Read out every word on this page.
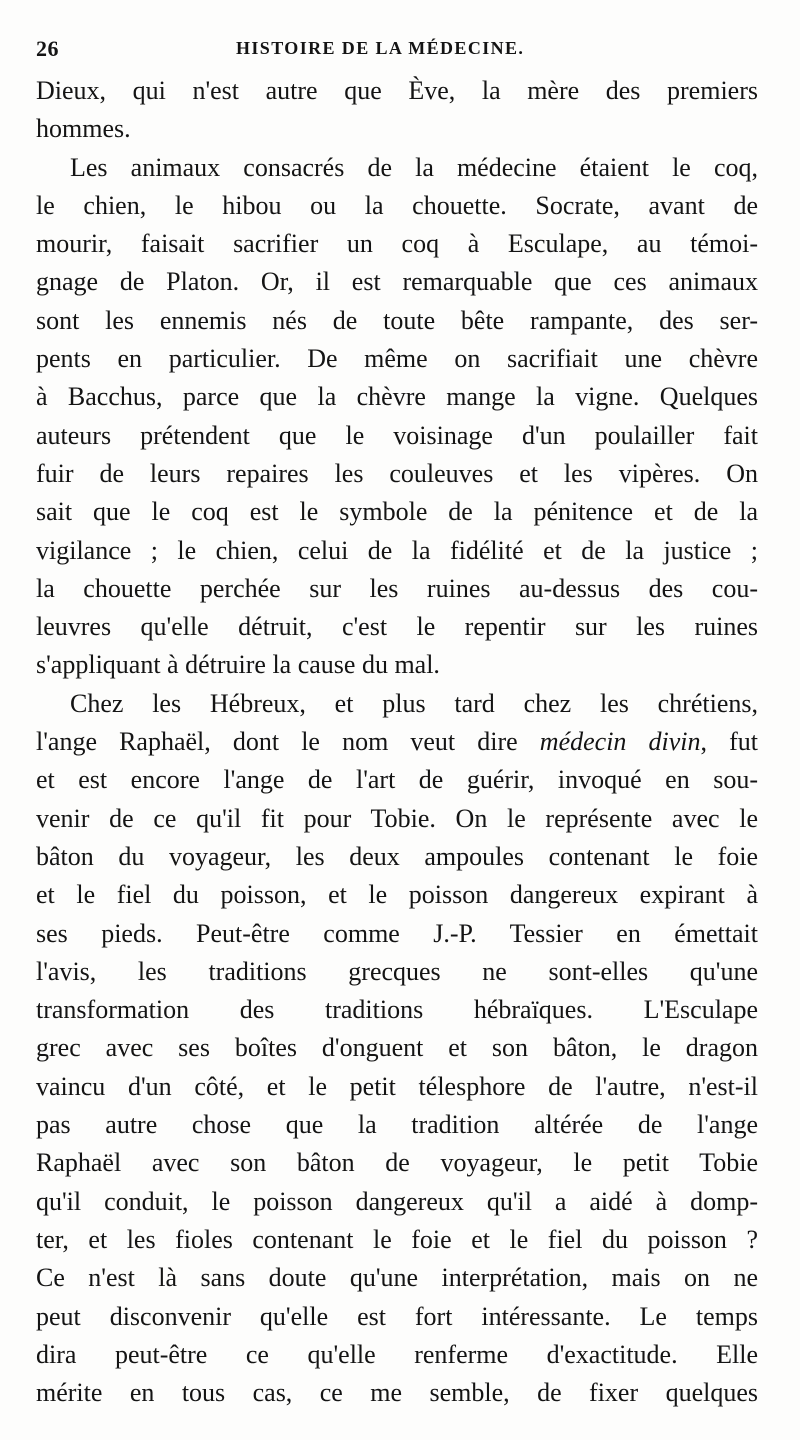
26	HISTOIRE DE LA MÉDECINE.
Dieux, qui n'est autre que Ève, la mère des premiers
hommes.
Les animaux consacrés de la médecine étaient le coq,
le chien, le hibou ou la chouette. Socrate, avant de
mourir, faisait sacrifier un coq à Esculape, au témoi-
gnage de Platon. Or, il est remarquable que ces animaux
sont les ennemis nés de toute bête rampante, des ser-
pents en particulier. De même on sacrifiait une chèvre
à Bacchus, parce que la chèvre mange la vigne. Quelques
auteurs prétendent que le voisinage d'un poulailler fait
fuir de leurs repaires les couleuves et les vipères. On
sait que le coq est le symbole de la pénitence et de la
vigilance ; le chien, celui de la fidélité et de la justice ;
la chouette perchée sur les ruines au-dessus des cou-
leuvres qu'elle détruit, c'est le repentir sur les ruines
s'appliquant à détruire la cause du mal.
Chez les Hébreux, et plus tard chez les chrétiens,
l'ange Raphaël, dont le nom veut dire médecin divin, fut
et est encore l'ange de l'art de guérir, invoqué en sou-
venir de ce qu'il fit pour Tobie. On le représente avec le
bâton du voyageur, les deux ampoules contenant le foie
et le fiel du poisson, et le poisson dangereux expirant à
ses pieds. Peut-être comme J.-P. Tessier en émettait
l'avis, les traditions grecques ne sont-elles qu'une
transformation des traditions hébraïques. L'Esculape
grec avec ses boîtes d'onguent et son bâton, le dragon
vaincu d'un côté, et le petit télesphore de l'autre, n'est-il
pas autre chose que la tradition altérée de l'ange
Raphaël avec son bâton de voyageur, le petit Tobie
qu'il conduit, le poisson dangereux qu'il a aidé à domp-
ter, et les fioles contenant le foie et le fiel du poisson ?
Ce n'est là sans doute qu'une interprétation, mais on ne
peut disconvenir qu'elle est fort intéressante. Le temps
dira peut-être ce qu'elle renferme d'exactitude. Elle
mérite en tous cas, ce me semble, de fixer quelques
